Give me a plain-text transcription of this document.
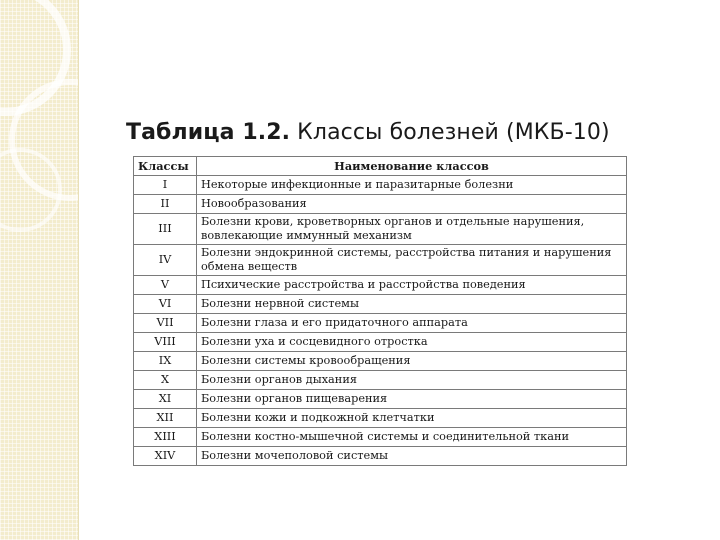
Таблица 1.2. Классы болезней (МКБ-10)
Классы	Наименование классов
I	Некоторые инфекционные и паразитарные болезни
II	Новообразования
III	Болезни крови, кроветворных органов и отдельные нарушения, вовлекающие иммунный механизм
IV	Болезни эндокринной системы, расстройства питания и нарушения обмена веществ
V	Психические расстройства и расстройства поведения
VI	Болезни нервной системы
VII	Болезни глаза и его придаточного аппарата
VIII	Болезни уха и сосцевидного отростка
IX	Болезни системы кровообращения
X	Болезни органов дыхания
XI	Болезни органов пищеварения
XII	Болезни кожи и подкожной клетчатки
XIII	Болезни костно-мышечной системы и соединительной ткани
XIV	Болезни мочеполовой системы
